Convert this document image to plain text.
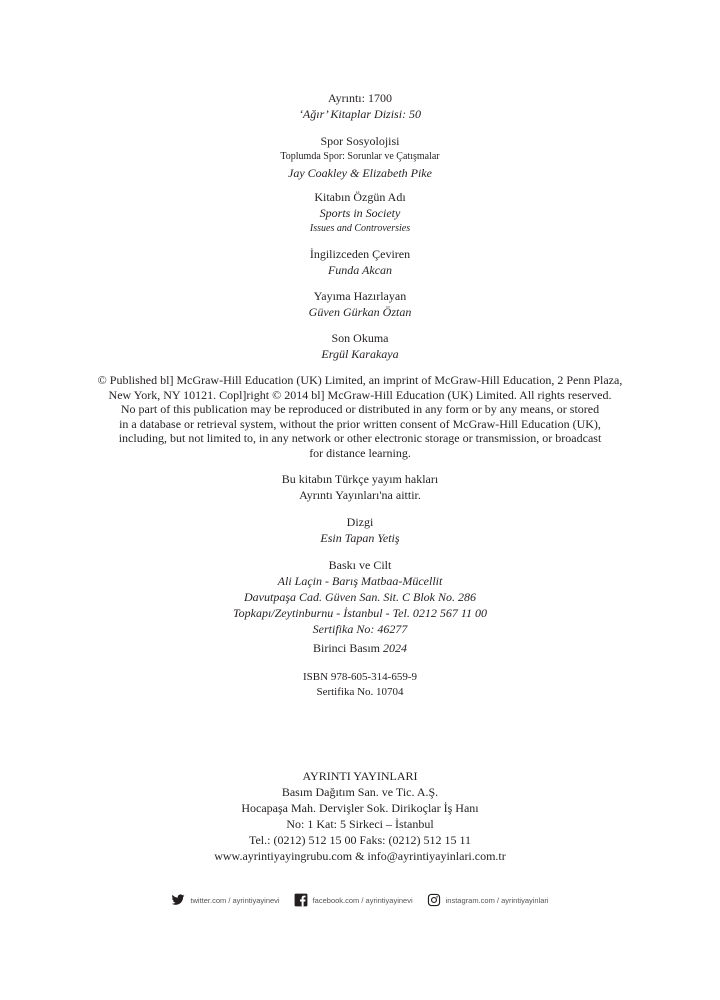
Ayrıntı: 1700
‘Ağır’ Kitaplar Dizisi: 50
Spor Sosyolojisi
Toplumda Spor: Sorunlar ve Çatışmalar
Jay Coakley & Elizabeth Pike
Kitabın Özgün Adı
Sports in Society
Issues and Controversies
İngilizceden Çeviren
Funda Akcan
Yayıma Hazırlayan
Güven Gürkan Öztan
Son Okuma
Ergül Karakaya
© Published bl] McGraw-Hill Education (UK) Limited, an imprint of McGraw-Hill Education, 2 Penn Plaza,
New York, NY 10121. Copl]right © 2014 bl] McGraw-Hill Education (UK) Limited. All rights reserved.
No part of this publication may be reproduced or distributed in any form or by any means, or stored
in a database or retrieval system, without the prior written consent of McGraw-Hill Education (UK),
including, but not limited to, in any network or other electronic storage or transmission, or broadcast
for distance learning.
Bu kitabın Türkçe yayım hakları
Ayrıntı Yayınları'na aittir.
Dizgi
Esin Tapan Yetiş
Baskı ve Cilt
Ali Laçin - Barış Matbaa-Mücellit
Davutpaşa Cad. Güven San. Sit. C Blok No. 286
Topkapı/Zeytinburnu - İstanbul - Tel. 0212 567 11 00
Sertifika No: 46277
Birinci Basım 2024
ISBN 978-605-314-659-9
Sertifika No. 10704
AYRINTI YAYINLARI
Basım Dağıtım San. ve Tic. A.Ş.
Hocapaşa Mah. Dervişler Sok. Dirikoçlar İş Hanı
No: 1 Kat: 5 Sirkeci – İstanbul
Tel.: (0212) 512 15 00 Faks: (0212) 512 15 11
www.ayrintiyayingrubu.com & info@ayrintiyayinlari.com.tr
twitter.com / ayrintiyayinevi	facebook.com / ayrintiyayinevi	instagram.com / ayrintiyayinlari
